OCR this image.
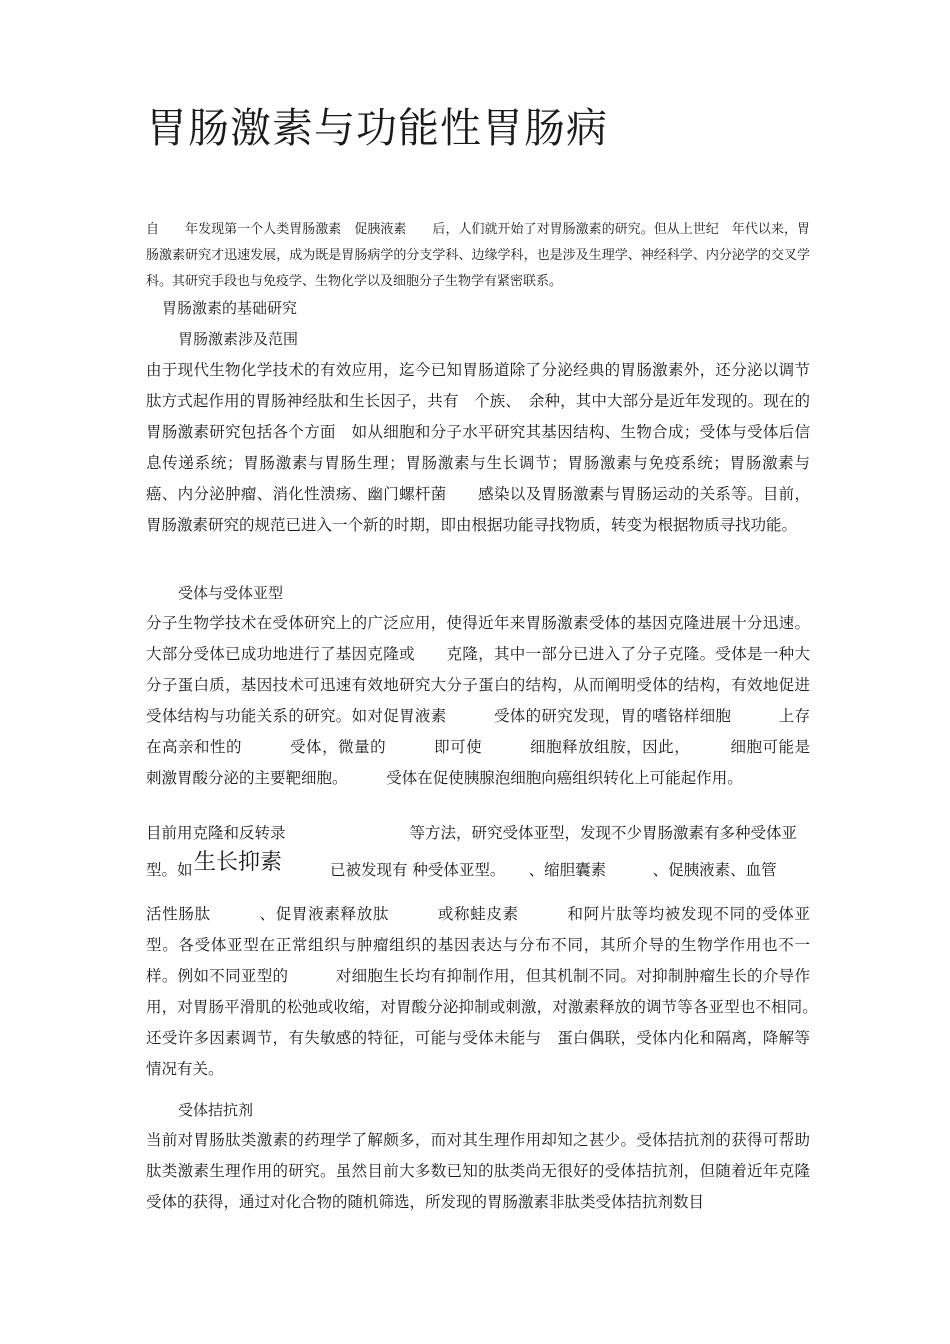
胃肠激素与功能性胃肠病

自　　年发现第一个人类胃肠激素　促胰液素　　后，人们就开始了对胃肠激素的研究。但从上世纪　年代以来，胃肠激素研究才迅速发展，成为既是胃肠病学的分支学科、边缘学科，也是涉及生理学、神经科学、内分泌学的交叉学科。其研究手段也与免疫学、生物化学以及细胞分子生物学有紧密联系。

胃肠激素的基础研究

胃肠激素涉及范围

由于现代生物化学技术的有效应用，迄今已知胃肠道除了分泌经典的胃肠激素外，还分泌以调节肽方式起作用的胃肠神经肽和生长因子，共有　个族、　余种，其中大部分是近年发现的。现在的胃肠激素研究包括各个方面　如从细胞和分子水平研究其基因结构、生物合成；受体与受体后信息传递系统；胃肠激素与胃肠生理；胃肠激素与生长调节；胃肠激素与免疫系统；胃肠激素与癌、内分泌肿瘤、消化性溃疡、幽门螺杆菌　　感染以及胃肠激素与胃肠运动的关系等。目前，胃肠激素研究的规范已进入一个新的时期，即由根据功能寻找物质，转变为根据物质寻找功能。

受体与受体亚型

分子生物学技术在受体研究上的广泛应用，使得近年来胃肠激素受体的基因克隆进展十分迅速。大部分受体已成功地进行了基因克隆或　　克隆，其中一部分已进入了分子克隆。受体是一种大分子蛋白质，基因技术可迅速有效地研究大分子蛋白的结构，从而阐明受体的结构，有效地促进受体结构与功能关系的研究。如对促胃液素　　　受体的研究发现，胃的嗜铬样细胞　　　上存在高亲和性的　　　受体，微量的　　　即可使　　　细胞释放组胺，因此，　　　细胞可能是　　　刺激胃酸分泌的主要靶细胞。　　　受体在促使胰腺泡细胞向癌组织转化上可能起作用。

目前用克隆和反转录　　　　　　　　等方法，研究受体亚型，发现不少胃肠激素有多种受体亚

型。如 生长抑素	已被发现有 种受体亚型。　　、缩胆囊素　　　、促胰液素、血管

活性肠肽　　　、促胃液素释放肽　　　或称蛙皮素　　　和阿片肽等均被发现不同的受体亚型。各受体亚型在正常组织与肿瘤组织的基因表达与分布不同，其所介导的生物学作用也不一样。例如不同亚型的　　　对细胞生长均有抑制作用，但其机制不同。对抑制肿瘤生长的介导作用，对胃肠平滑肌的松弛或收缩，对胃酸分泌抑制或刺激，对激素释放的调节等各亚型也不相同。　　　还受许多因素调节，有失敏感的特征，可能与受体未能与　蛋白偶联，受体内化和隔离，降解等情况有关。

受体拮抗剂

当前对胃肠肽类激素的药理学了解颇多，而对其生理作用却知之甚少。受体拮抗剂的获得可帮助肽类激素生理作用的研究。虽然目前大多数已知的肽类尚无很好的受体拮抗剂，但随着近年克隆受体的获得，通过对化合物的随机筛选，所发现的胃肠激素非肽类受体拮抗剂数目
